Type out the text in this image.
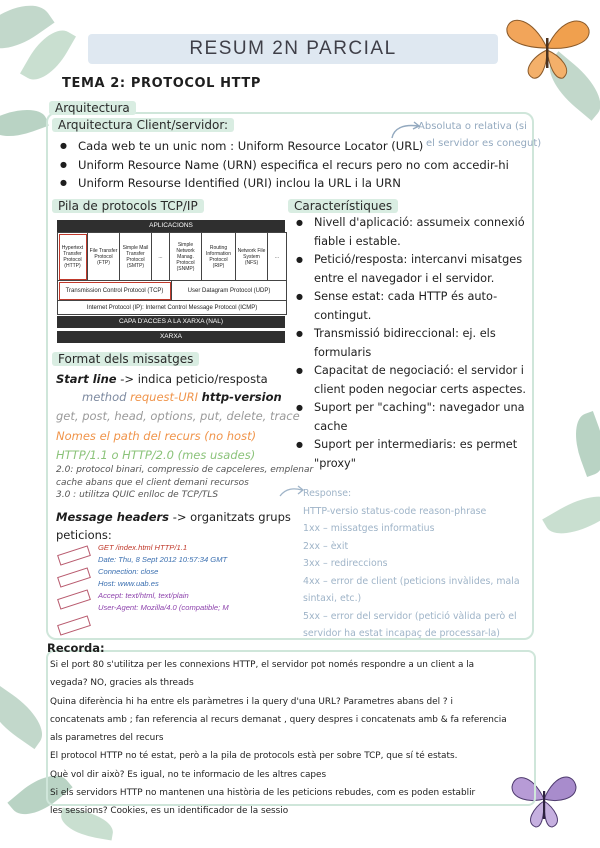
RESUM 2N PARCIAL
TEMA 2: PROTOCOL HTTP
Arquitectura
Arquitectura Client/servidor:
● Cada web te un unic nom : Uniform Resource Locator (URL)
● Uniform Resource Name (URN) especifica el recurs pero no com accedir-hi
● Uniform Resourse Identified (URI) inclou la URL i la URN
Absoluta o relativa (si
el servidor es conegut)
Pila de protocols TCP/IP
APLICACIONS
Hypertext Transfer Protocol (HTTP)
File Transfer Protocol (FTP)
Simple Mail Transfer Protocol (SMTP)
...
Simple Network Manag. Protocol (SNMP)
Routing Information Protocol (RIP)
Network File System (NFS)
...
Transmission Control Protocol (TCP)	User Datagram Protocol (UDP)
Internet Protocol (IP): Internet Control Message Protocol (ICMP)
CAPA D'ACCES A LA XARXA (NAL)
XARXA
Característiques
● Nivell d'aplicació: assumeix connexió
fiable i estable.
● Petició/resposta: intercanvi misatges
entre el navegador i el servidor.
● Sense estat: cada HTTP és auto-
contingut.
● Transmissió bidireccional: ej. els
formularis
● Capacitat de negociació: el servidor i
client poden negociar certs aspectes.
● Suport per "caching": navegador una
cache
● Suport per intermediaris: es permet
"proxy"
Format dels missatges
Start line -> indica peticio/resposta
method request-URI http-version
get, post, head, options, put, delete, trace
Nomes el path del recurs (no host)
HTTP/1.1 o HTTP/2.0 (mes usades)
2.0: protocol binari, compressio de capceleres, emplenar
cache abans que el client demani recursos
3.0 : utilitza QUIC enlloc de TCP/TLS
Message headers -> organitzats grups
peticions:
GET /index.html HTTP/1.1
Date: Thu, 8 Sept 2012 10:57:34 GMT
Connection: close
Host: www.uab.es
Accept: text/html, text/plain
User-Agent: Mozilla/4.0 (compatible; M
Response:
HTTP-versio status-code reason-phrase
1xx – missatges informatius
2xx – èxit
3xx – redireccions
4xx – error de client (peticions invàlides, mala
sintaxi, etc.)
5xx – error del servidor (petició vàlida però el
servidor ha estat incapaç de processar-la)
Recorda:
Si el port 80 s'utilitza per les connexions HTTP, el servidor pot només respondre a un client a la
vegada? NO, gracies als threads
Quina diferència hi ha entre els paràmetres i la query d'una URL? Parametres abans del ? i
concatenats amb ; fan referencia al recurs demanat , query despres i concatenats amb & fa referencia
als parametres del recurs
El protocol HTTP no té estat, però a la pila de protocols està per sobre TCP, que sí té estats.
Què vol dir això? Es igual, no te informacio de les altres capes
Si els servidors HTTP no mantenen una història de les peticions rebudes, com es poden establir
les sessions? Cookies, es un identificador de la sessio
